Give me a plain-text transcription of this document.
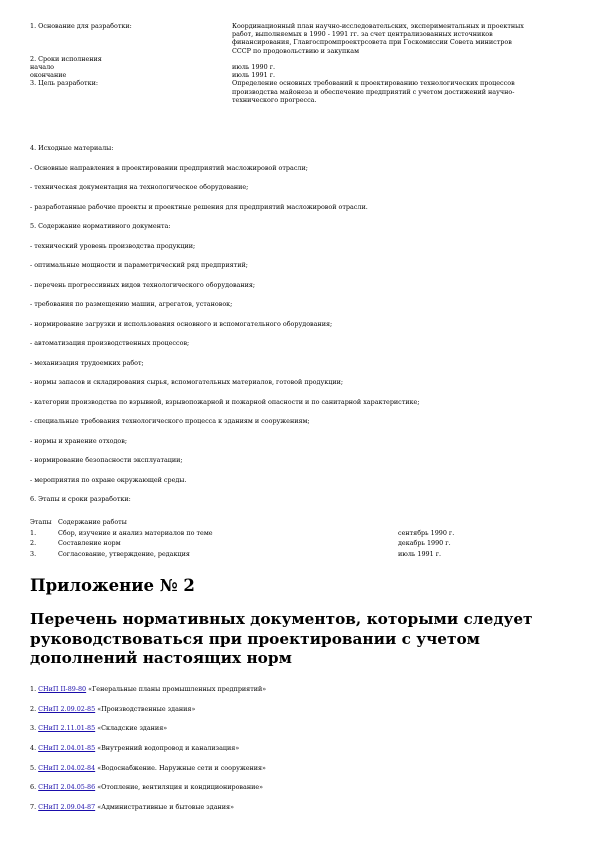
1. Основание для разработки:	Координационный план научно-исследовательских, экспериментальных и проектных
работ, выполняемых в 1990 - 1991 гг. за счет централизованных источников
финансирования, Главгоспромпроектрсовета при Госкомиссии Совета министров
СССР по продовольствию и закупкам

2. Сроки исполнения	
начало	июль 1990 г.
окончание	июль 1991 г.
3. Цель разработки:	Определение основных требований к проектированию технологических процессов
производства майонеза и обеспечение предприятий с учетом достижений научно-
технического прогресса.

4. Исходные материалы:

- Основные направления в проектировании предприятий масложировой отрасли;

- техническая документация на технологическое оборудование;

- разработанные рабочие проекты и проектные решения для предприятий масложировой отрасли.

5. Содержание нормативного документа:

- технический уровень производства продукции;

- оптимальные мощности и параметрический ряд предприятий;

- перечень прогрессивных видов технологического оборудования;

- требования по размещению машин, агрегатов, установок;

- нормирование загрузки и использования основного и вспомогательного оборудования;

- автоматизация производственных процессов;

- механизация трудоемких работ;

- нормы запасов и складирования сырья, вспомогательных материалов, готовой продукции;

- категории производства по взрывной, взрывопожарной и пожарной опасности и по санитарной характеристике;

- специальные требования технологического процесса к зданиям и сооружениям;

- нормы и хранение отходов;

- нормирование безопасности эксплуатации;

- мероприятия по охране окружающей среды.

6. Этапы и сроки разработки:

Этапы	Содержание работы	
1.	Сбор, изучение и анализ материалов по теме	сентябрь 1990 г.
2.	Составление норм	декабрь 1990 г.
3.	Согласование, утверждение, редакция	июль 1991 г.
Приложение № 2
Перечень нормативных документов, которыми следует руководствоваться при проектировании с учетом дополнений настоящих норм
1. СНиП II-89-80 «Генеральные планы промышленных предприятий»
2. СНиП 2.09.02-85 «Производственные здания»
3. СНиП 2.11.01-85 «Складские здания»
4. СНиП 2.04.01-85 «Внутренний водопровод и канализация»
5. СНиП 2.04.02-84 «Водоснабжение. Наружные сети и сооружения»
6. СНиП 2.04.05-86 «Отопление, вентиляция и кондиционирование»
7. СНиП 2.09.04-87 «Административные и бытовые здания»
